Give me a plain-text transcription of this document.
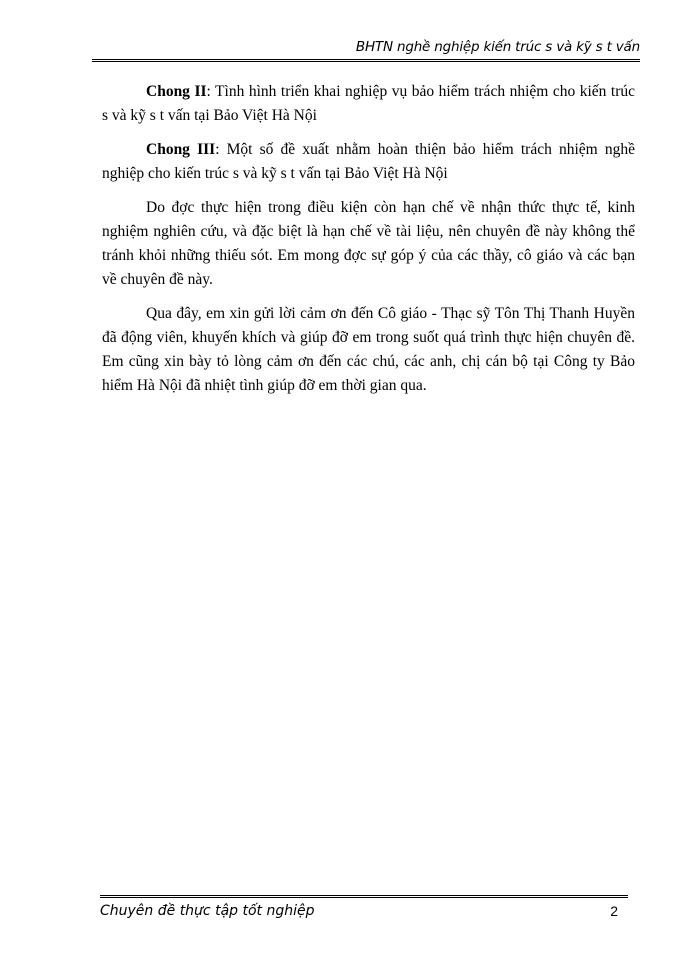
BHTN nghề nghiệp kiến trúc s và kỹ s t vấn

Chong II: Tình hình triển khai nghiệp vụ bảo hiểm trách nhiệm cho kiến trúc s và kỹ s t vấn tại Bảo Việt Hà Nội

Chong III: Một số đề xuất nhằm hoàn thiện bảo hiểm trách nhiệm nghề nghiệp cho kiến trúc s và kỹ s t vấn tại Bảo Việt Hà Nội

Do đợc thực hiện trong điều kiện còn hạn chế về nhận thức thực tế, kinh nghiệm nghiên cứu, và đặc biệt là hạn chế về tài liệu, nên chuyên đề này không thể tránh khỏi những thiếu sót. Em mong đợc sự góp ý của các thầy, cô giáo và các bạn về chuyên đề này.

Qua đây, em xin gửi lời cảm ơn đến Cô giáo - Thạc sỹ Tôn Thị Thanh Huyền đã động viên, khuyến khích và giúp đỡ em trong suốt quá trình thực hiện chuyên đề. Em cũng xin bày tỏ lòng cảm ơn đến các chú, các anh, chị cán bộ tại Công ty Bảo hiểm Hà Nội đã nhiệt tình giúp đỡ em thời gian qua.

Chuyên đề thực tập tốt nghiệp	2
